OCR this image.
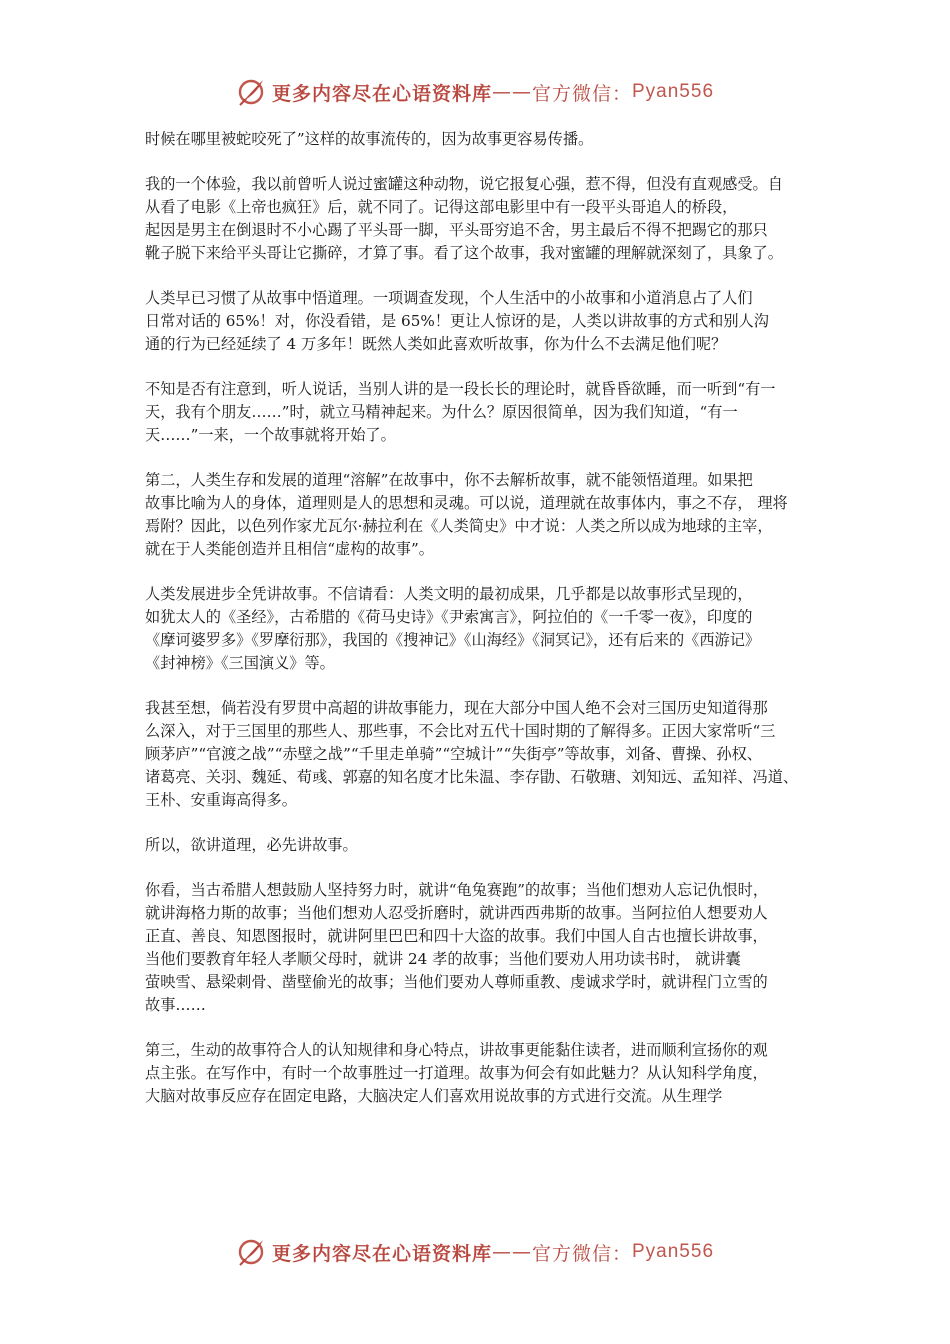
更多内容尽在心语资料库 —— 官方微信： Pyan556
时候在哪里被蛇咬死了”这样的故事流传的，因为故事更容易传播。
我的一个体验，我以前曾听人说过蜜罐这种动物，说它报复心强，惹不得，但没有直观感受。自
从看了电影《上帝也疯狂》后，就不同了。记得这部电影里中有一段平头哥追人的桥段，
起因是男主在倒退时不小心踢了平头哥一脚，平头哥穷追不舍，男主最后不得不把踢它的那只
靴子脱下来给平头哥让它撕碎，才算了事。看了这个故事，我对蜜罐的理解就深刻了，具象了。
人类早已习惯了从故事中悟道理。一项调查发现，个人生活中的小故事和小道消息占了人们
日常对话的 65%！对，你没看错，是 65%！更让人惊讶的是，人类以讲故事的方式和别人沟
通的行为已经延续了 4 万多年！既然人类如此喜欢听故事，你为什么不去满足他们呢？
不知是否有注意到，听人说话，当别人讲的是一段长长的理论时，就昏昏欲睡，而一听到“有一
天，我有个朋友……”时，就立马精神起来。为什么？原因很简单，因为我们知道，“有一
天……”一来，一个故事就将开始了。
第二，人类生存和发展的道理“溶解”在故事中，你不去解析故事，就不能领悟道理。如果把
故事比喻为人的身体，道理则是人的思想和灵魂。可以说，道理就在故事体内，事之不存， 理将
焉附？因此，以色列作家尤瓦尔·赫拉利在《人类简史》中才说：人类之所以成为地球的主宰，
就在于人类能创造并且相信“虚构的故事”。
人类发展进步全凭讲故事。不信请看：人类文明的最初成果，几乎都是以故事形式呈现的，
如犹太人的《圣经》，古希腊的《荷马史诗》《尹索寓言》，阿拉伯的《一千零一夜》，印度的
《摩诃婆罗多》《罗摩衍那》，我国的《搜神记》《山海经》《洞冥记》，还有后来的《西游记》
《封神榜》《三国演义》等。
我甚至想，倘若没有罗贯中高超的讲故事能力，现在大部分中国人绝不会对三国历史知道得那
么深入，对于三国里的那些人、那些事，不会比对五代十国时期的了解得多。正因大家常听“三
顾茅庐”“官渡之战”“赤壁之战”“千里走单骑”“空城计”“失街亭”等故事，刘备、曹操、孙权、
诸葛亮、关羽、魏延、荀彧、郭嘉的知名度才比朱温、李存勖、石敬瑭、刘知远、孟知祥、冯道、
王朴、安重诲高得多。
所以，欲讲道理，必先讲故事。
你看，当古希腊人想鼓励人坚持努力时，就讲“龟兔赛跑”的故事；当他们想劝人忘记仇恨时，
就讲海格力斯的故事；当他们想劝人忍受折磨时，就讲西西弗斯的故事。当阿拉伯人想要劝人
正直、善良、知恩图报时，就讲阿里巴巴和四十大盗的故事。我们中国人自古也擅长讲故事，
当他们要教育年轻人孝顺父母时，就讲 24 孝的故事；当他们要劝人用功读书时， 就讲囊
萤映雪、悬梁刺骨、凿壁偷光的故事；当他们要劝人尊师重教、虔诚求学时，就讲程门立雪的
故事……
第三，生动的故事符合人的认知规律和身心特点，讲故事更能黏住读者，进而顺利宣扬你的观
点主张。在写作中，有时一个故事胜过一打道理。故事为何会有如此魅力？从认知科学角度，
大脑对故事反应存在固定电路，大脑决定人们喜欢用说故事的方式进行交流。从生理学
更多内容尽在心语资料库 —— 官方微信： Pyan556
